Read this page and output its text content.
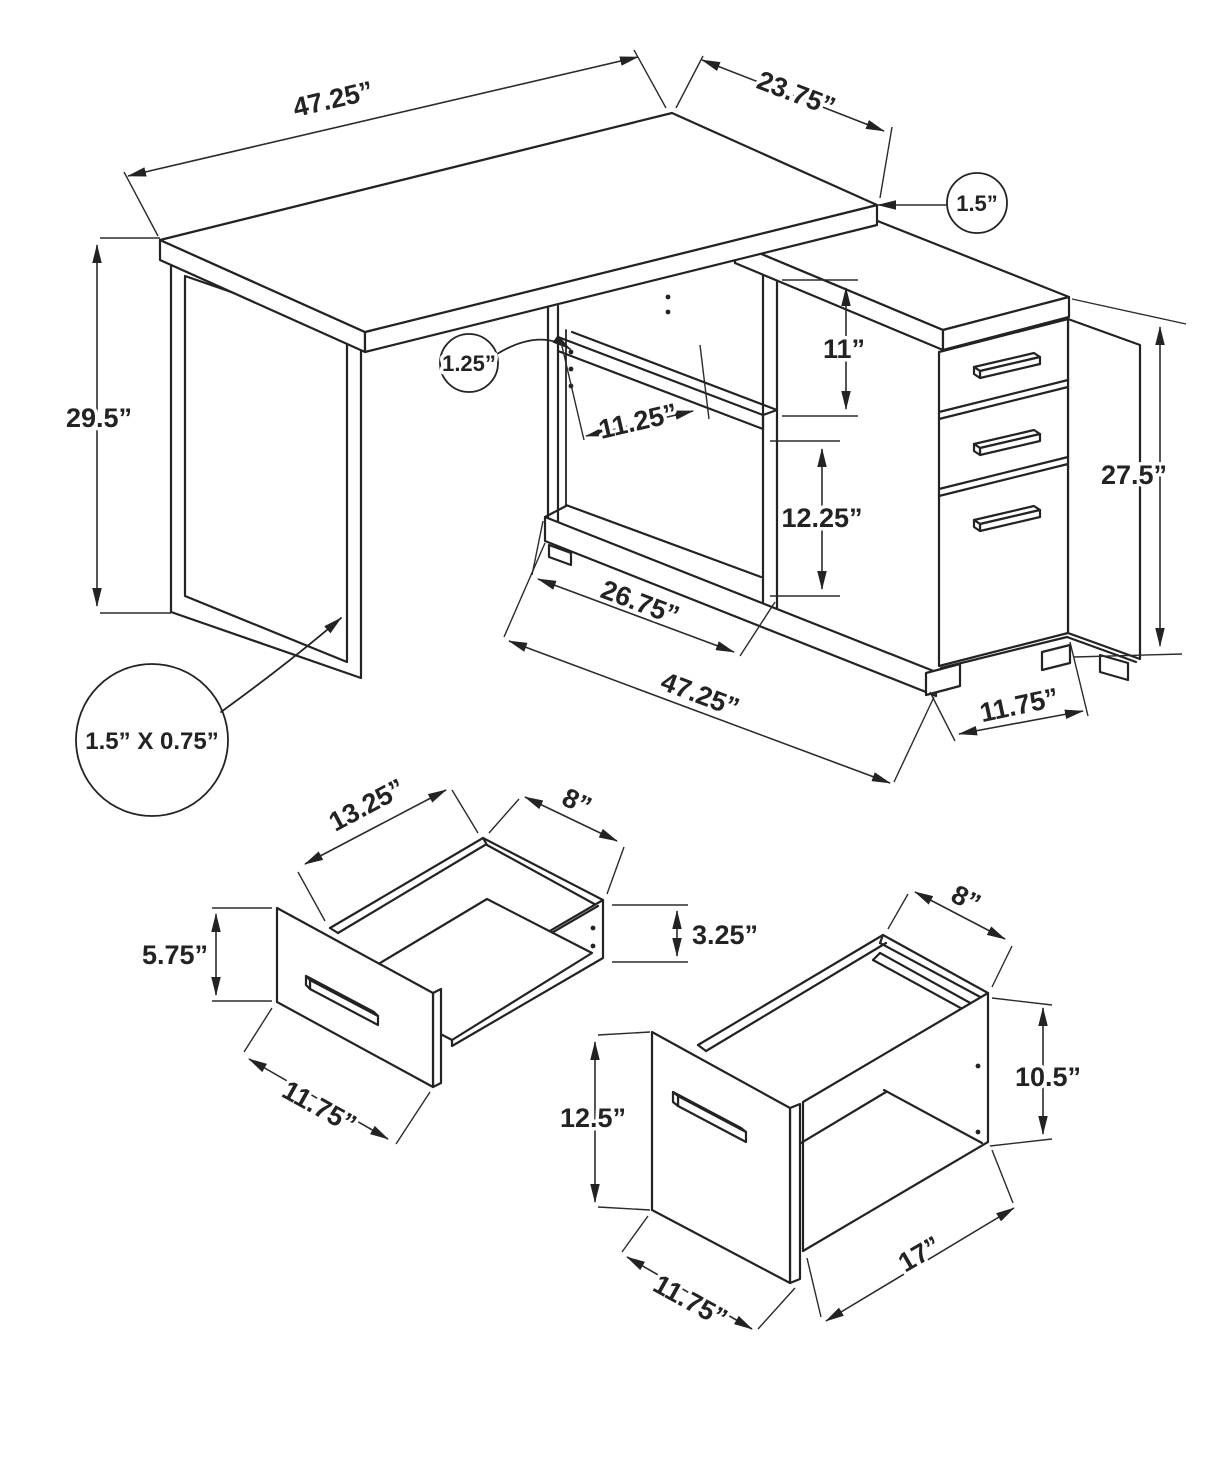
47.25”	23.75”
1.5”
29.5”
1.5” X 0.75”
1.25”
11.25”
11”
12.25”
26.75”
47.25”
27.5”
11.75”
13.25”	8”
5.75”
3.25”
11.75”
8”
12.5”
10.5”
17”
11.75”
